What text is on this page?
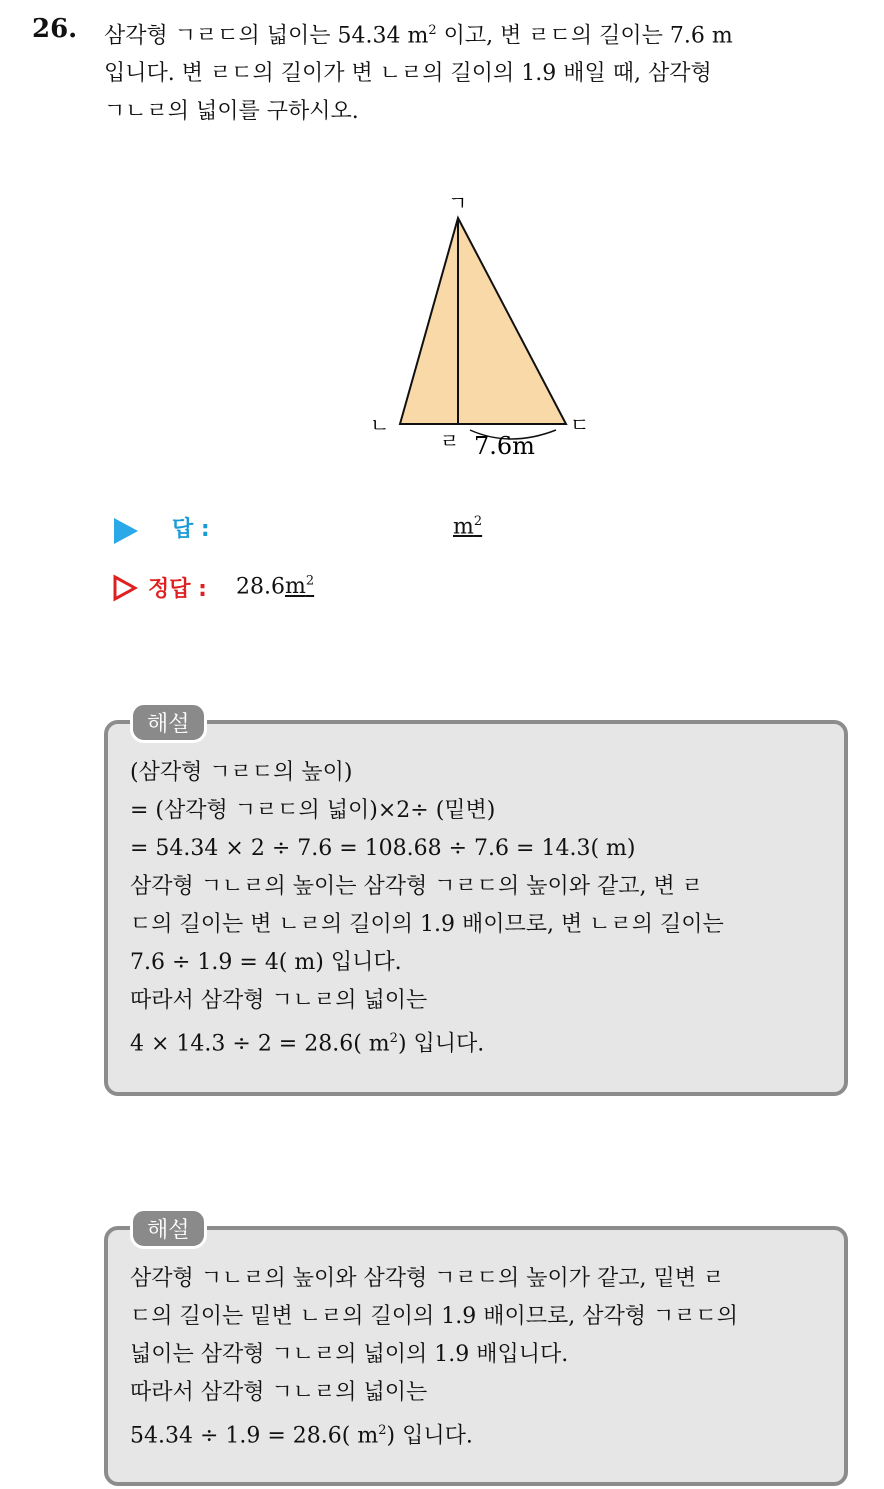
26. 삼각형 ㄱㄹㄷ의 넓이는 54.34 $m^2$ 이고, 변 ㄹㄷ의 길이는 7.6 m
입니다. 변 ㄹㄷ의 길이가 변 ㄴㄹ의 길이의 1.9 배일 때, 삼각형
ㄱㄴㄹ의 넓이를 구하시오.
ㄱ
ㄴ	ㄷ
ㄹ 7.6m
답 :	$m^2$
정답 : $28.6m^2$
해설
(삼각형 ㄱㄹㄷ의 높이)
= (삼각형 ㄱㄹㄷ의 넓이)×2÷ (밑변)
= 54.34 × 2 ÷ 7.6 = 108.68 ÷ 7.6 = 14.3( m)
삼각형 ㄱㄴㄹ의 높이는 삼각형 ㄱㄹㄷ의 높이와 같고, 변 ㄹ
ㄷ의 길이는 변 ㄴㄹ의 길이의 1.9 배이므로, 변 ㄴㄹ의 길이는
7.6 ÷ 1.9 = 4( m) 입니다.
따라서 삼각형 ㄱㄴㄹ의 넓이는
4 × 14.3 ÷ 2 = 28.6( $m^2$) 입니다.
해설
삼각형 ㄱㄴㄹ의 높이와 삼각형 ㄱㄹㄷ의 높이가 같고, 밑변 ㄹ
ㄷ의 길이는 밑변 ㄴㄹ의 길이의 1.9 배이므로, 삼각형 ㄱㄹㄷ의
넓이는 삼각형 ㄱㄴㄹ의 넓이의 1.9 배입니다.
따라서 삼각형 ㄱㄴㄹ의 넓이는
54.34 ÷ 1.9 = 28.6( $m^2$) 입니다.
